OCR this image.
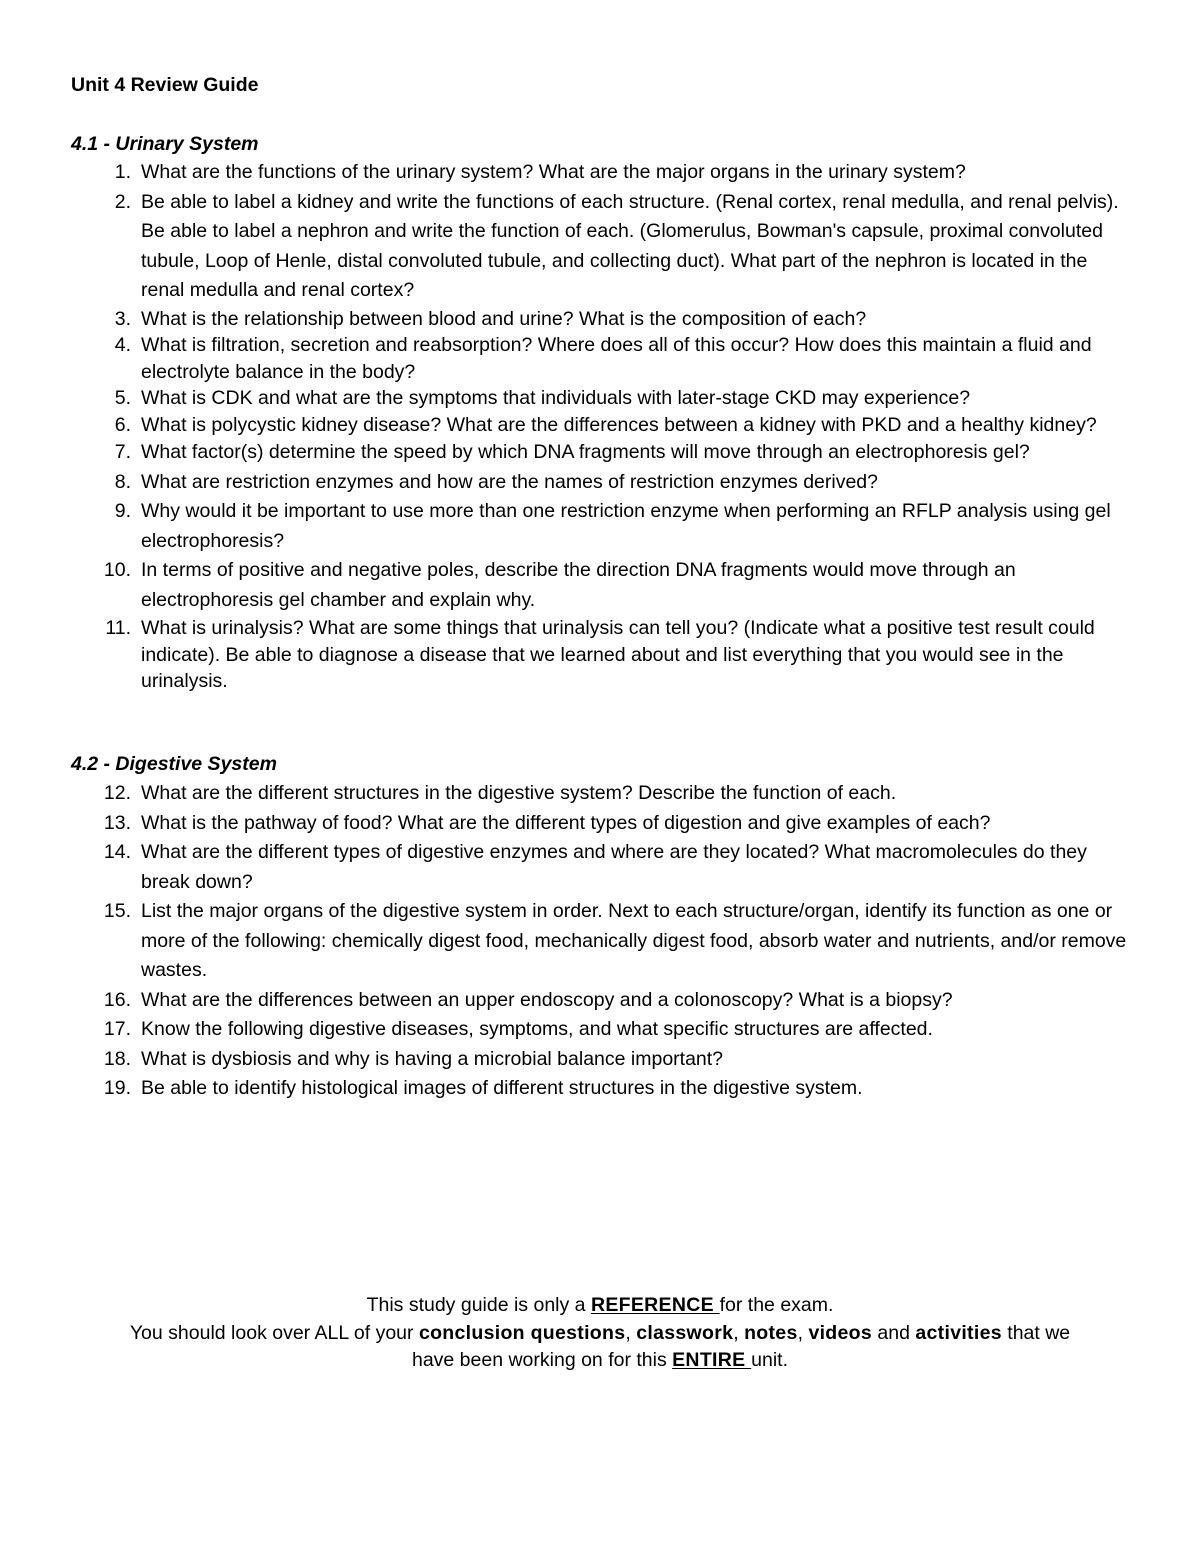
Unit 4 Review Guide
4.1 - Urinary System
1. What are the functions of the urinary system? What are the major organs in the urinary system?
2. Be able to label a kidney and write the functions of each structure. (Renal cortex, renal medulla, and renal pelvis). Be able to label a nephron and write the function of each. (Glomerulus, Bowman's capsule, proximal convoluted tubule, Loop of Henle, distal convoluted tubule, and collecting duct). What part of the nephron is located in the renal medulla and renal cortex?
3. What is the relationship between blood and urine? What is the composition of each?
4. What is filtration, secretion and reabsorption? Where does all of this occur? How does this maintain a fluid and electrolyte balance in the body?
5. What is CDK and what are the symptoms that individuals with later-stage CKD may experience?
6. What is polycystic kidney disease? What are the differences between a kidney with PKD and a healthy kidney?
7. What factor(s) determine the speed by which DNA fragments will move through an electrophoresis gel?
8. What are restriction enzymes and how are the names of restriction enzymes derived?
9. Why would it be important to use more than one restriction enzyme when performing an RFLP analysis using gel electrophoresis?
10. In terms of positive and negative poles, describe the direction DNA fragments would move through an electrophoresis gel chamber and explain why.
11. What is urinalysis? What are some things that urinalysis can tell you? (Indicate what a positive test result could indicate). Be able to diagnose a disease that we learned about and list everything that you would see in the urinalysis.
4.2 - Digestive System
12. What are the different structures in the digestive system? Describe the function of each.
13. What is the pathway of food? What are the different types of digestion and give examples of each?
14. What are the different types of digestive enzymes and where are they located? What macromolecules do they break down?
15. List the major organs of the digestive system in order. Next to each structure/organ, identify its function as one or more of the following: chemically digest food, mechanically digest food, absorb water and nutrients, and/or remove wastes.
16. What are the differences between an upper endoscopy and a colonoscopy? What is a biopsy?
17. Know the following digestive diseases, symptoms, and what specific structures are affected.
18. What is dysbiosis and why is having a microbial balance important?
19. Be able to identify histological images of different structures in the digestive system.

This study guide is only a REFERENCE for the exam.

You should look over ALL of your conclusion questions, classwork, notes, videos and activities that we

have been working on for this ENTIRE unit.
